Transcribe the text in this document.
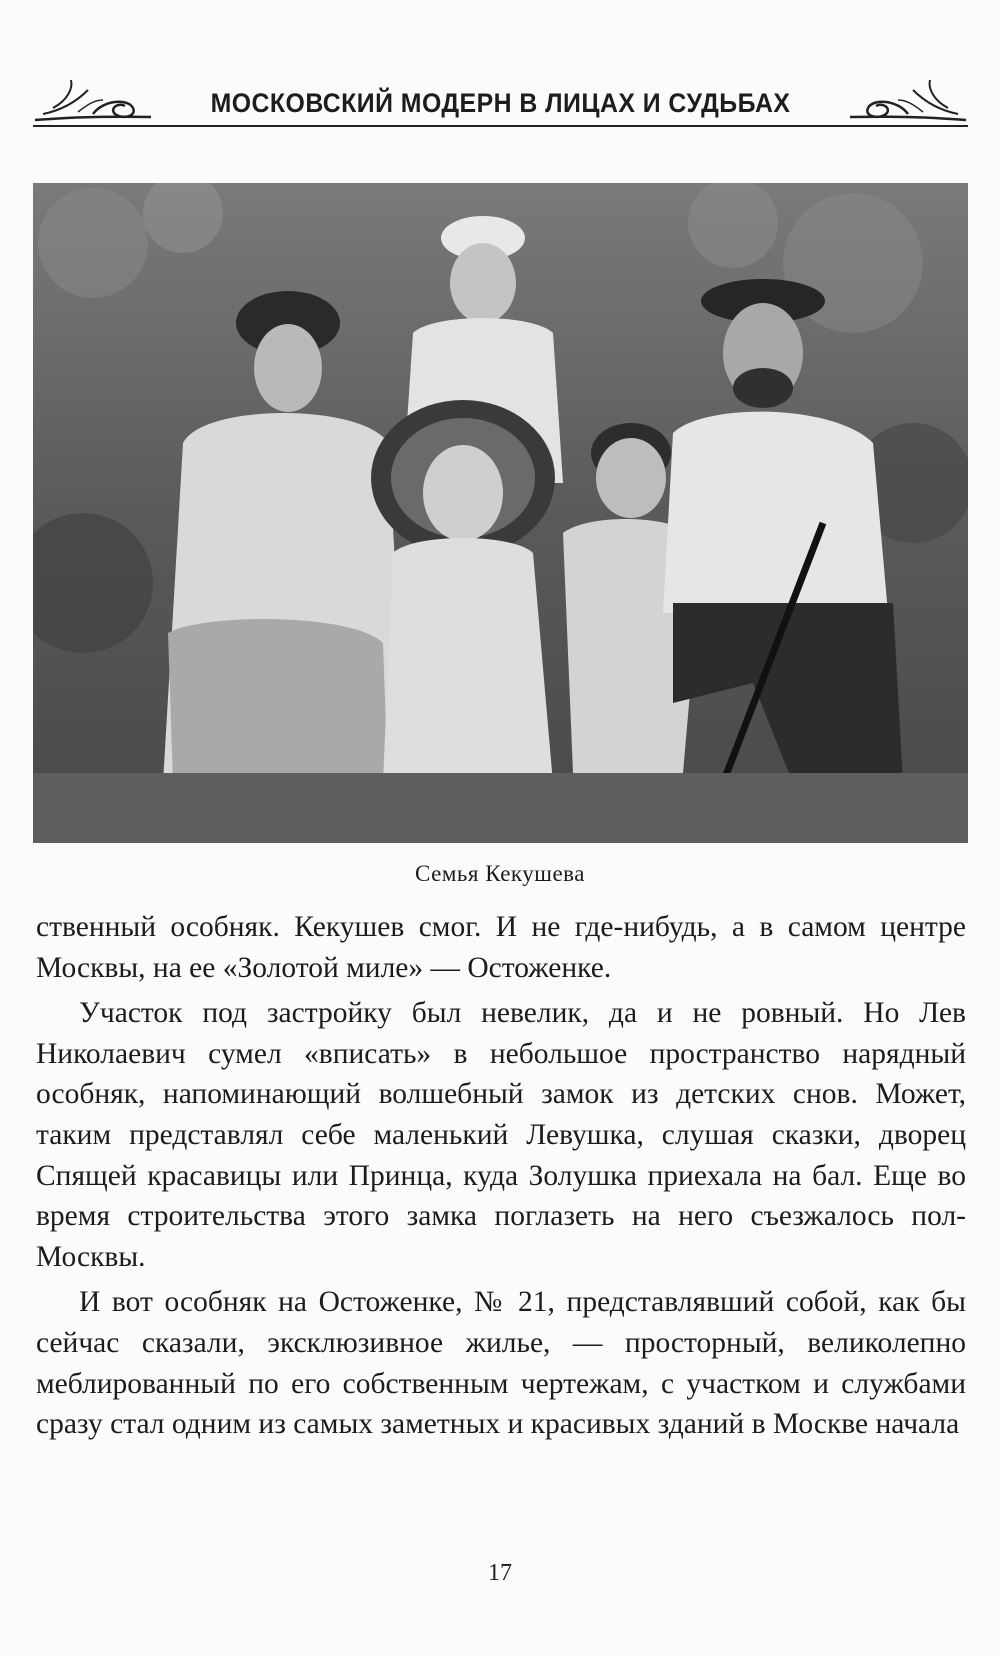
МОСКОВСКИЙ МОДЕРН В ЛИЦАХ И СУДЬБАХ
Семья Кекушева

ственный особняк. Кекушев смог. И не где-нибудь, а в самом центре Москвы, на ее «Золотой миле» — Остоженке.

Участок под застройку был невелик, да и не ровный. Но Лев Николаевич сумел «вписать» в небольшое пространство нарядный особняк, напоминающий волшебный замок из детских снов. Может, таким представлял себе маленький Левушка, слушая сказки, дворец Спящей красавицы или Принца, куда Золушка приехала на бал. Еще во время строительства этого замка поглазеть на него съезжалось пол-Москвы.

И вот особняк на Остоженке, № 21, представлявший собой, как бы сейчас сказали, эксклюзивное жилье, — просторный, великолепно меблированный по его собственным чертежам, с участком и службами сразу стал одним из самых заметных и красивых зданий в Москве начала

17
